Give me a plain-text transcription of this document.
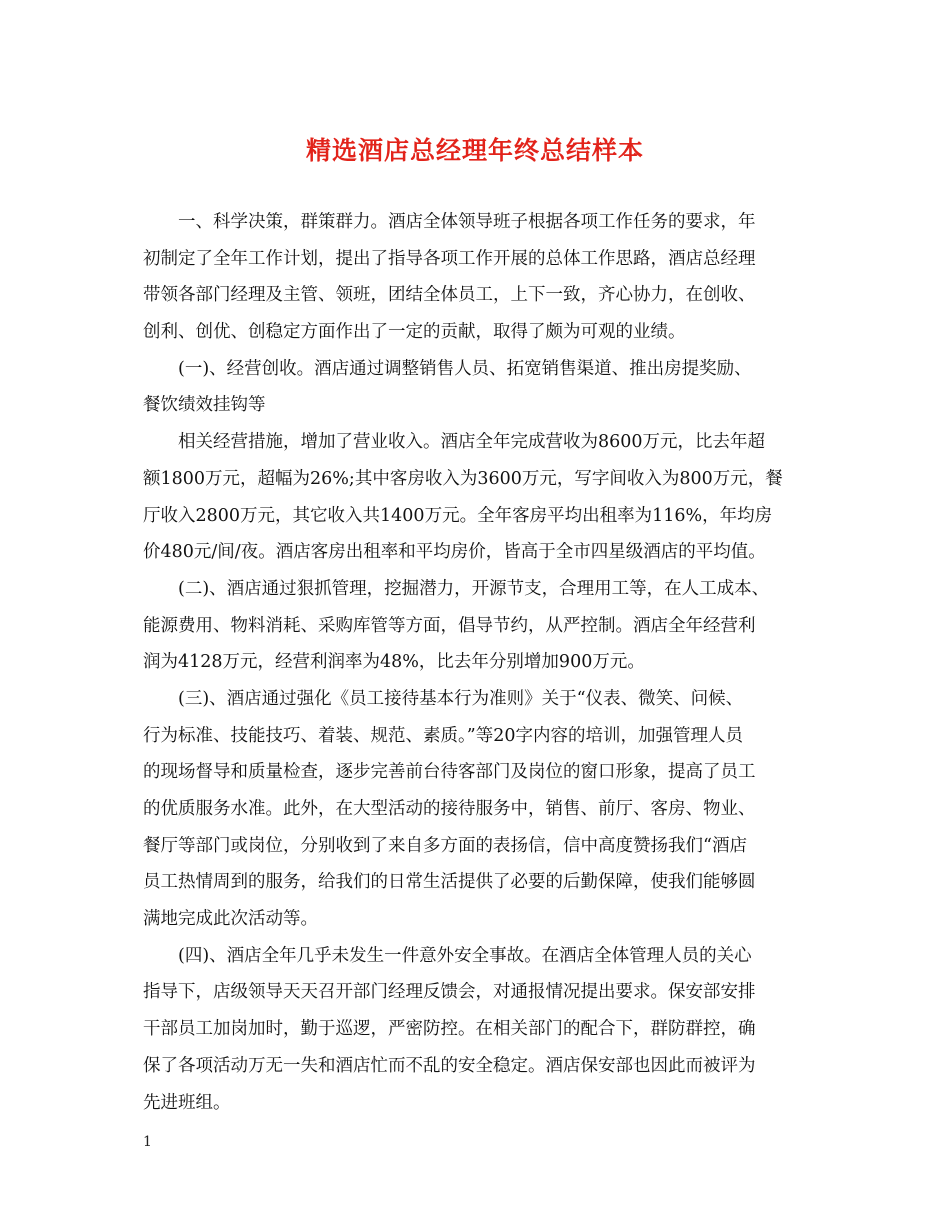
精选酒店总经理年终总结样本
一、科学决策，群策群力。酒店全体领导班子根据各项工作任务的要求，年
初制定了全年工作计划，提出了指导各项工作开展的总体工作思路，酒店总经理
带领各部门经理及主管、领班，团结全体员工，上下一致，齐心协力，在创收、
创利、创优、创稳定方面作出了一定的贡献，取得了颇为可观的业绩。
(一)、经营创收。酒店通过调整销售人员、拓宽销售渠道、推出房提奖励、
餐饮绩效挂钩等
相关经营措施，增加了营业收入。酒店全年完成营收为8600万元，比去年超
额1800万元，超幅为26%;其中客房收入为3600万元，写字间收入为800万元，餐
厅收入2800万元，其它收入共1400万元。全年客房平均出租率为116%，年均房
价480元/间/夜。酒店客房出租率和平均房价，皆高于全市四星级酒店的平均值。
(二)、酒店通过狠抓管理，挖掘潜力，开源节支，合理用工等，在人工成本、
能源费用、物料消耗、采购库管等方面，倡导节约，从严控制。酒店全年经营利
润为4128万元，经营利润率为48%，比去年分别增加900万元。
(三)、酒店通过强化《员工接待基本行为准则》关于“仪表、微笑、问候、
行为标准、技能技巧、着装、规范、素质。”等20字内容的培训，加强管理人员
的现场督导和质量检查，逐步完善前台待客部门及岗位的窗口形象，提高了员工
的优质服务水准。此外，在大型活动的接待服务中，销售、前厅、客房、物业、
餐厅等部门或岗位，分别收到了来自多方面的表扬信，信中高度赞扬我们“酒店
员工热情周到的服务，给我们的日常生活提供了必要的后勤保障，使我们能够圆
满地完成此次活动等。
(四)、酒店全年几乎未发生一件意外安全事故。在酒店全体管理人员的关心
指导下，店级领导天天召开部门经理反馈会，对通报情况提出要求。保安部安排
干部员工加岗加时，勤于巡逻，严密防控。在相关部门的配合下，群防群控，确
保了各项活动万无一失和酒店忙而不乱的安全稳定。酒店保安部也因此而被评为
先进班组。
1
